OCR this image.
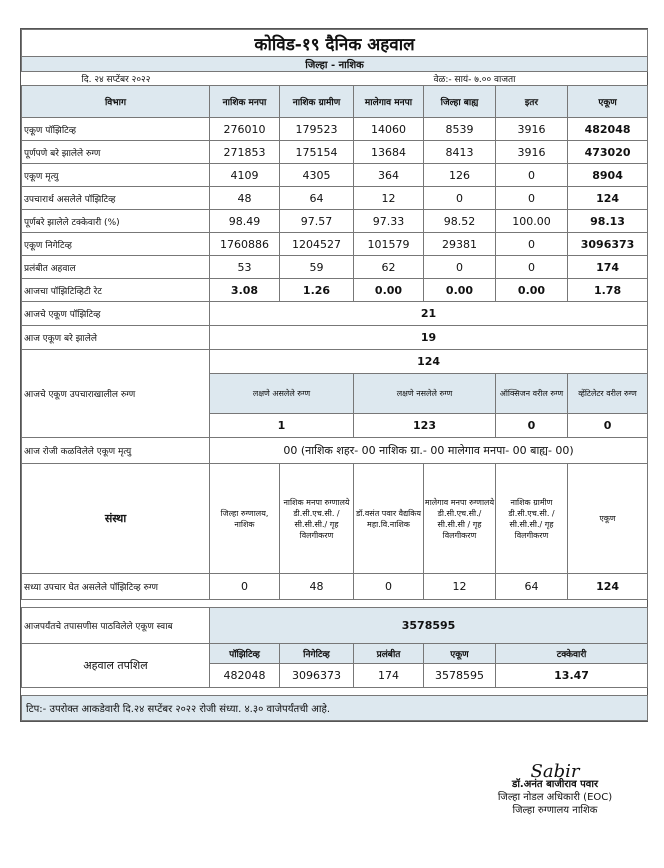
कोविड-१९ दैनिक अहवाल						
जिल्हा - नाशिक						
दि. २४ सप्टेंबर २०२२			वेळ:- सायं- ७.०० वाजता			
विभाग	नाशिक मनपा	नाशिक ग्रामीण	मालेगाव मनपा	जिल्हा बाह्य	इतर	एकूण
एकूण पॉझिटिव्ह	276010	179523	14060	8539	3916	482048
पूर्णपणे बरे झालेले रुग्ण	271853	175154	13684	8413	3916	473020
एकूण मृत्यु	4109	4305	364	126	0	8904
उपचारार्थ असलेले पॉझिटिव्ह	48	64	12	0	0	124
पूर्णबरे झालेले टक्केवारी (%)	98.49	97.57	97.33	98.52	100.00	98.13
एकूण निगेटिव्ह	1760886	1204527	101579	29381	0	3096373
प्रलंबीत अहवाल	53	59	62	0	0	174
आजचा पॉझिटिव्हिटी रेट	3.08	1.26	0.00	0.00	0.00	1.78
आजचे एकूण पॉझिटिव्ह	21					
आज एकूण बरे झालेले	19					
आजचे एकूण उपचाराखालील रुग्ण	124					
	लक्षणे असलेले रुग्ण		लक्षणे नसलेले रुग्ण		ऑक्सिजन वरील रुग्ण	व्हेंटिलेटर वरील रुग्ण
	1		123		0	0
आज रोजी कळविलेले एकूण मृत्यु	00 (नाशिक शहर- 00 नाशिक ग्रा.- 00 मालेगाव मनपा- 00 बाह्य- 00)					
संस्था	जिल्हा रुग्णालय, नाशिक	नाशिक मनपा रुग्णालये डी.सी.एच.सी. / सी.सी.सी./ गृह विलगीकरण	डॉ.वसंत पवार वैद्यकिय महा.वि.नाशिक	मालेगाव मनपा रुग्णालये डी.सी.एच.सी./ सी.सी.सी / गृह विलगीकरण	नाशिक ग्रामीण डी.सी.एच.सी. /सी.सी.सी./ गृह विलगीकरण	एकूण
सध्या उपचार घेत असलेले पॉझिटिव्ह रुग्ण	0	48	0	12	64	124

आजपर्यंतचे तपासणीस पाठविलेले एकूण स्वाब	3578595					
अहवाल तपशिल	पॉझिटिव्ह	निगेटिव्ह	प्रलंबीत	एकूण	टक्केवारी	
	482048	3096373	174	3578595	13.47	

टिप:- उपरोक्त आकडेवारी दि.२४ सप्टेंबर २०२२ रोजी संध्या. ४.३० वाजेपर्यंतची आहे.						
Sabir
डॉ.अनंत बाजीराव पवार
जिल्हा नोडल अधिकारी (EOC)
जिल्हा रुग्णालय नाशिक
